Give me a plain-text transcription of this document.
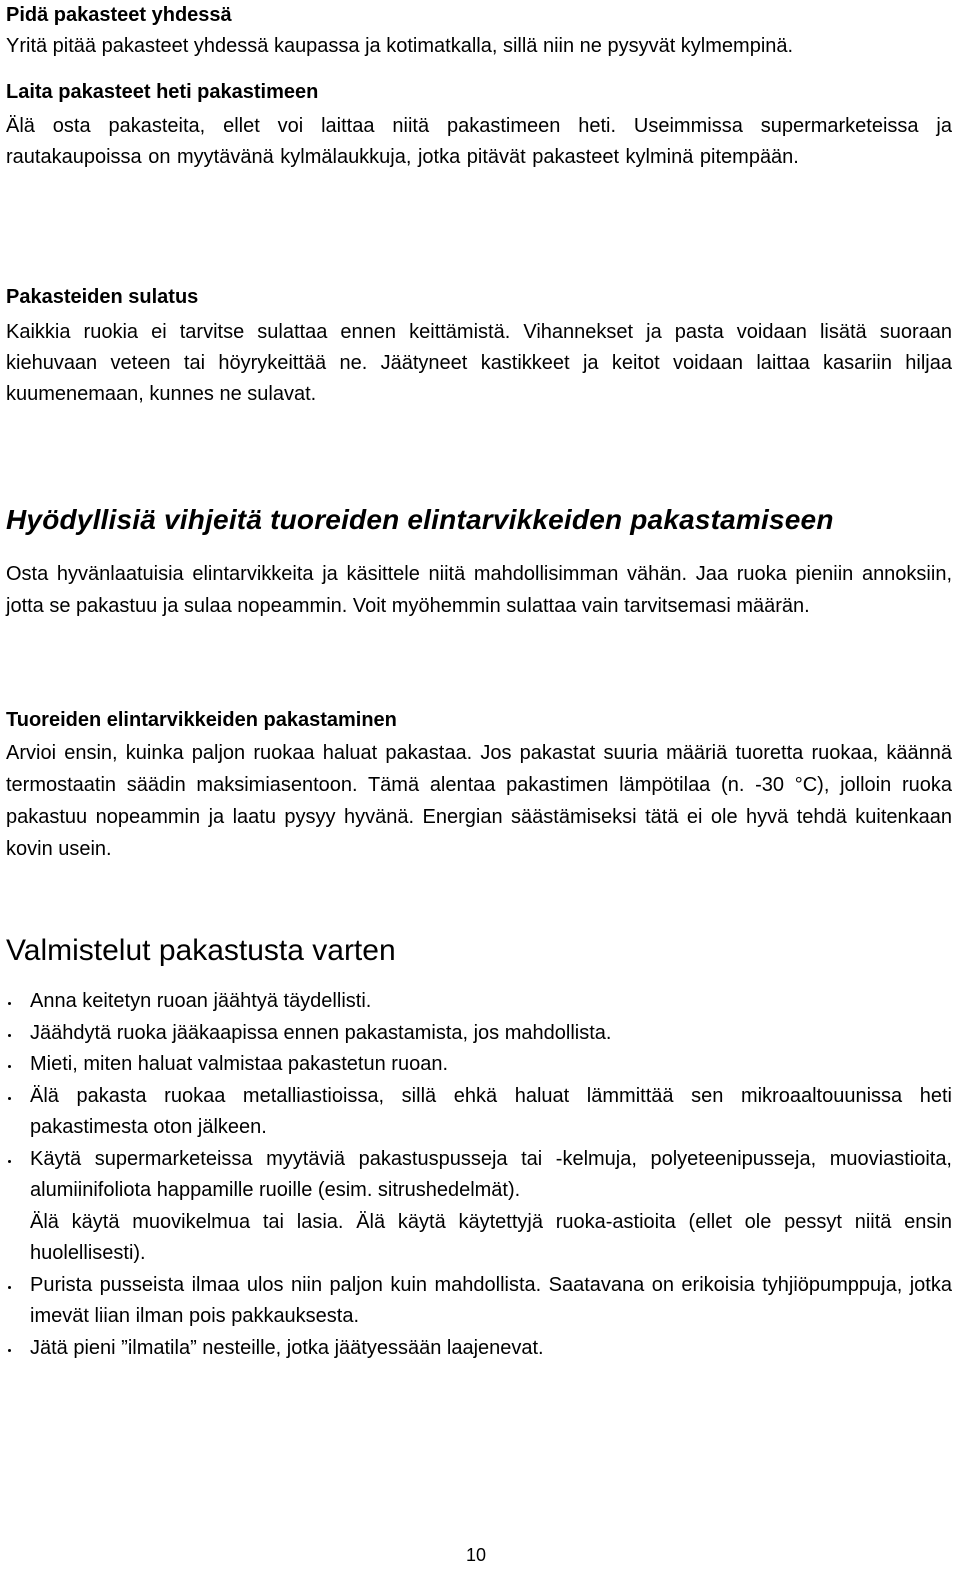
Pidä pakasteet yhdessä

Yritä pitää pakasteet yhdessä kaupassa ja kotimatkalla, sillä niin ne pysyvät kylmempinä.

Laita pakasteet heti pakastimeen

Älä osta pakasteita, ellet voi laittaa niitä pakastimeen heti. Useimmissa supermarketeissa ja rautakaupoissa on myytävänä kylmälaukkuja, jotka pitävät pakasteet kylminä pitempään.

Pakasteiden sulatus

Kaikkia ruokia ei tarvitse sulattaa ennen keittämistä. Vihannekset ja pasta voidaan lisätä suoraan kiehuvaan veteen tai höyrykeittää ne. Jäätyneet kastikkeet ja keitot voidaan laittaa kasariin hiljaa kuumenemaan, kunnes ne sulavat.

Hyödyllisiä vihjeitä tuoreiden elintarvikkeiden pakastamiseen

Osta hyvänlaatuisia elintarvikkeita ja käsittele niitä mahdollisimman vähän. Jaa ruoka pieniin annoksiin, jotta se pakastuu ja sulaa nopeammin. Voit myöhemmin sulattaa vain tarvitsemasi määrän.

Tuoreiden elintarvikkeiden pakastaminen

Arvioi ensin, kuinka paljon ruokaa haluat pakastaa. Jos pakastat suuria määriä tuoretta ruokaa, käännä termostaatin säädin maksimiasentoon. Tämä alentaa pakastimen lämpötilaa (n. -30 °C), jolloin ruoka pakastuu nopeammin ja laatu pysyy hyvänä. Energian säästämiseksi tätä ei ole hyvä tehdä kuitenkaan kovin usein.

Valmistelut pakastusta varten
Anna keitetyn ruoan jäähtyä täydellisti.
Jäähdytä ruoka jääkaapissa ennen pakastamista, jos mahdollista.
Mieti, miten haluat valmistaa pakastetun ruoan.
Älä pakasta ruokaa metalliastioissa, sillä ehkä haluat lämmittää sen mikroaaltouunissa heti pakastimesta oton jälkeen.
Käytä supermarketeissa myytäviä pakastuspusseja tai -kelmuja, polyeteenipusseja, muoviastioita, alumiinifoliota happamille ruoille (esim. sitrushedelmät).
Älä käytä muovikelmua tai lasia. Älä käytä käytettyjä ruoka-astioita (ellet ole pessyt niitä ensin huolellisesti).
Purista pusseista ilmaa ulos niin paljon kuin mahdollista. Saatavana on erikoisia tyhjiöpumppuja, jotka imevät liian ilman pois pakkauksesta.
Jätä pieni ”ilmatila” nesteille, jotka jäätyessään laajenevat.
10
